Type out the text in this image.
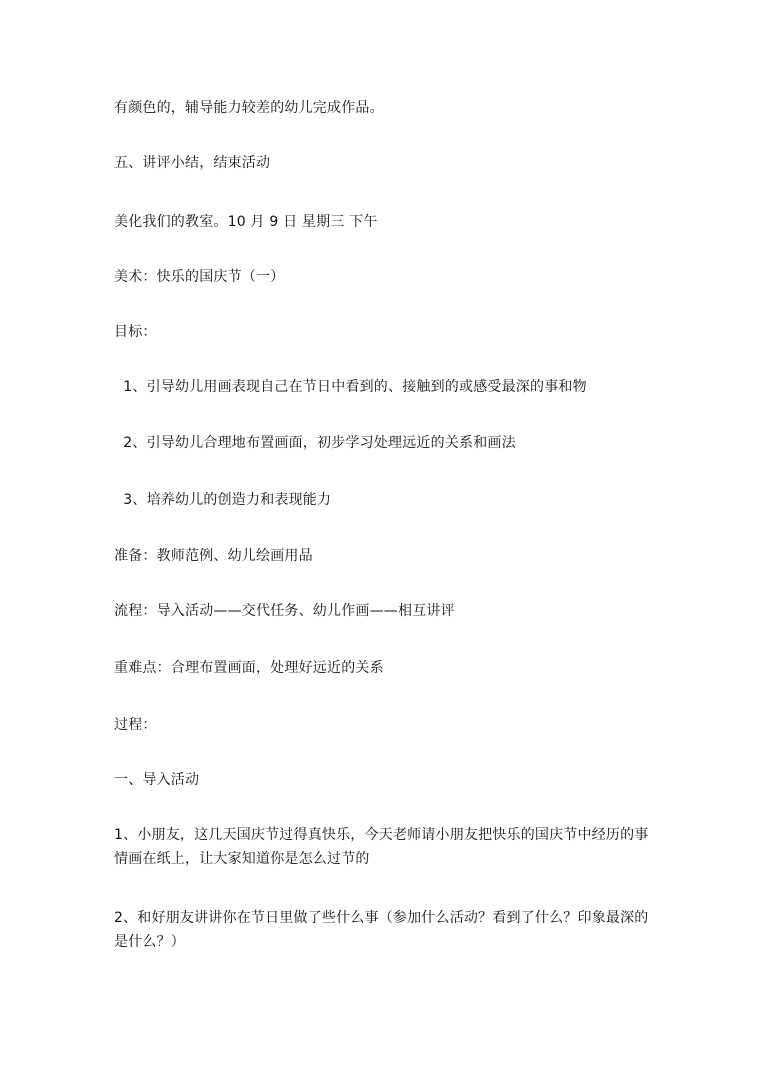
有颜色的，辅导能力较差的幼儿完成作品。
五、讲评小结，结束活动
美化我们的教室。10 月 9 日 星期三 下午
美术：快乐的国庆节（一）
目标：
1、引导幼儿用画表现自己在节日中看到的、接触到的或感受最深的事和物
2、引导幼儿合理地布置画面，初步学习处理远近的关系和画法
3、培养幼儿的创造力和表现能力
准备：教师范例、幼儿绘画用品
流程：导入活动——交代任务、幼儿作画——相互讲评
重难点：合理布置画面，处理好远近的关系
过程：
一、导入活动
1、小朋友，这几天国庆节过得真快乐，今天老师请小朋友把快乐的国庆节中经历的事情画在纸上，让大家知道你是怎么过节的
2、和好朋友讲讲你在节日里做了些什么事（参加什么活动？看到了什么？印象最深的是什么？）
